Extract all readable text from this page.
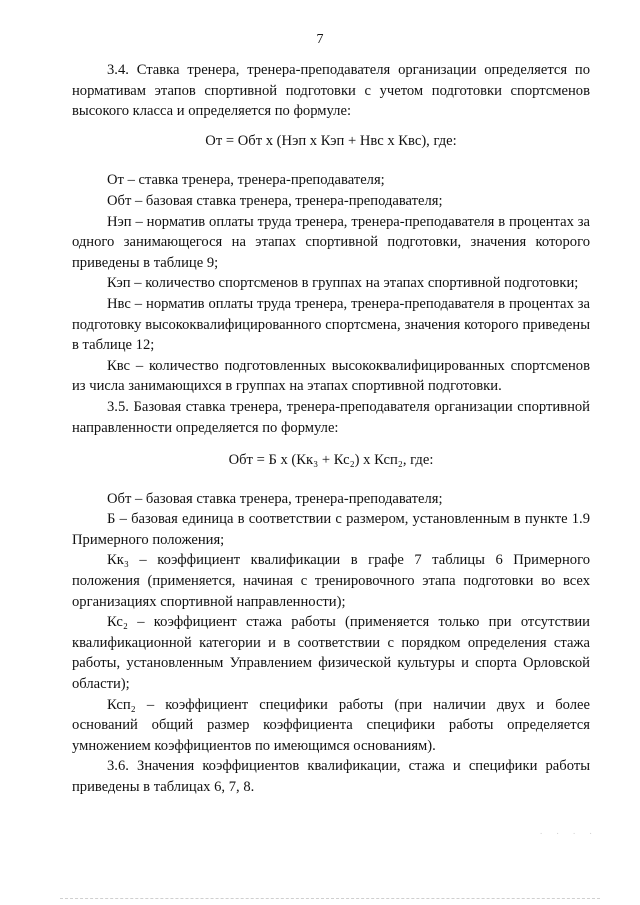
7

3.4. Ставка тренера, тренера-преподавателя организации определяется по нормативам этапов спортивной подготовки с учетом подготовки спортсменов высокого класса и определяется по формуле:

От = Обт х (Нэп х Кэп + Нвс х Квс), где:

От – ставка тренера, тренера-преподавателя;

Обт – базовая ставка тренера, тренера-преподавателя;

Нэп – норматив оплаты труда тренера, тренера-преподавателя в процентах за одного занимающегося на этапах спортивной подготовки, значения которого приведены в таблице 9;

Кэп – количество спортсменов в группах на этапах спортивной подготовки;

Нвс – норматив оплаты труда тренера, тренера-преподавателя в процентах за подготовку высококвалифицированного спортсмена, значения которого приведены в таблице 12;

Квс – количество подготовленных высококвалифицированных спортсменов из числа занимающихся в группах на этапах спортивной подготовки.

3.5. Базовая ставка тренера, тренера-преподавателя организации спортивной направленности определяется по формуле:

Обт = Б х (Кк₃ + Кс₂) х Ксп₂, где:

Обт – базовая ставка тренера, тренера-преподавателя;

Б – базовая единица в соответствии с размером, установленным в пункте 1.9 Примерного положения;

Кк₃ – коэффициент квалификации в графе 7 таблицы 6 Примерного положения (применяется, начиная с тренировочного этапа подготовки во всех организациях спортивной направленности);

Кс₂ – коэффициент стажа работы (применяется только при отсутствии квалификационной категории и в соответствии с порядком определения стажа работы, установленным Управлением физической культуры и спорта Орловской области);

Ксп₂ – коэффициент специфики работы (при наличии двух и более оснований общий размер коэффициента специфики работы определяется умножением коэффициентов по имеющимся основаниям).

3.6. Значения коэффициентов квалификации, стажа и специфики работы приведены в таблицах 6, 7, 8.

. . . .
